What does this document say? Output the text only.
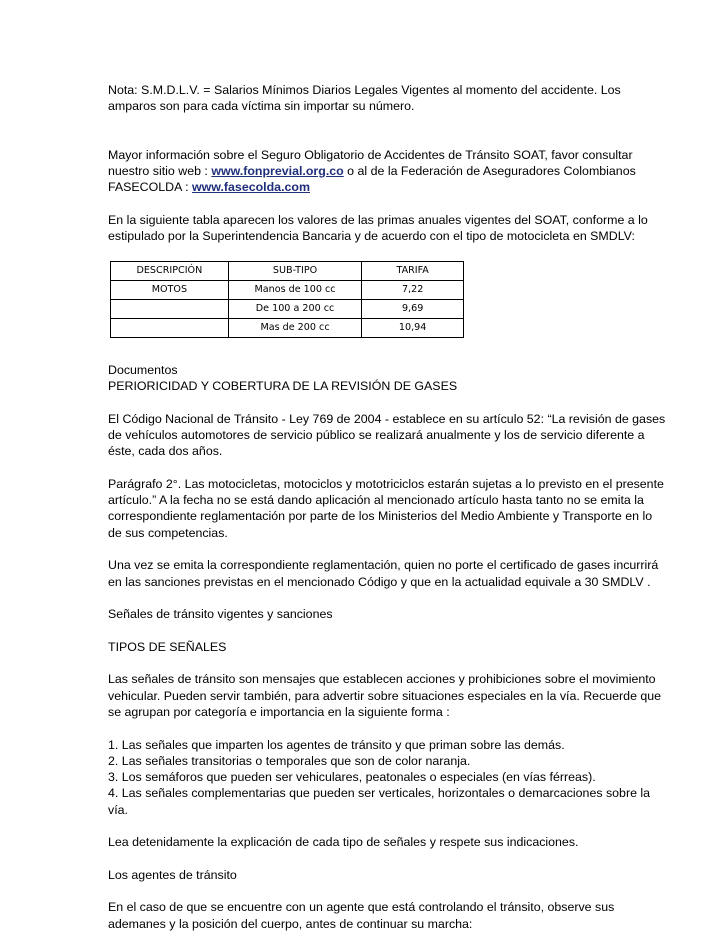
Nota: S.M.D.L.V. = Salarios Mínimos Diarios Legales Vigentes al momento del accidente. Los amparos son para cada víctima sin importar su número.

Mayor información sobre el Seguro Obligatorio de Accidentes de Tránsito SOAT, favor consultar nuestro sitio web : www.fonprevial.org.co o al de la Federación de Aseguradores Colombianos FASECOLDA : www.fasecolda.com

En la siguiente tabla aparecen los valores de las primas anuales vigentes del SOAT, conforme a lo estipulado por la Superintendencia Bancaria y de acuerdo con el tipo de motocicleta en SMDLV:

DESCRIPCIÓN	SUB-TIPO	TARIFA
MOTOS	Manos de 100 cc	7,22
	De 100 a 200 cc	9,69
	Mas de 200 cc	10,94

Documentos
PERIORICIDAD Y COBERTURA DE LA REVISIÓN DE GASES

El Código Nacional de Tránsito - Ley 769 de 2004 - establece en su artículo 52: “La revisión de gases de vehículos automotores de servicio público se realizará anualmente y los de servicio diferente a éste, cada dos años.

Parágrafo 2°. Las motocicletas, motociclos y mototriciclos estarán sujetas a lo previsto en el presente artículo.” A la fecha no se está dando aplicación al mencionado artículo hasta tanto no se emita la correspondiente reglamentación por parte de los Ministerios del Medio Ambiente y Transporte en lo de sus competencias.

Una vez se emita la correspondiente reglamentación, quien no porte el certificado de gases incurrirá en las sanciones previstas en el mencionado Código y que en la actualidad equivale a 30 SMDLV .

Señales de tránsito vigentes y sanciones

TIPOS DE SEÑALES

Las señales de tránsito son mensajes que establecen acciones y prohibiciones sobre el movimiento vehicular. Pueden servir también, para advertir sobre situaciones especiales en la vía. Recuerde que se agrupan por categoría e importancia en la siguiente forma :

1. Las señales que imparten los agentes de tránsito y que priman sobre las demás.
2. Las señales transitorias o temporales que son de color naranja.
3. Los semáforos que pueden ser vehiculares, peatonales o especiales (en vías férreas).
4. Las señales complementarias que pueden ser verticales, horizontales o demarcaciones sobre la vía.

Lea detenidamente la explicación de cada tipo de señales y respete sus indicaciones.

Los agentes de tránsito

En el caso de que se encuentre con un agente que está controlando el tránsito, observe sus ademanes y la posición del cuerpo, antes de continuar su marcha:
